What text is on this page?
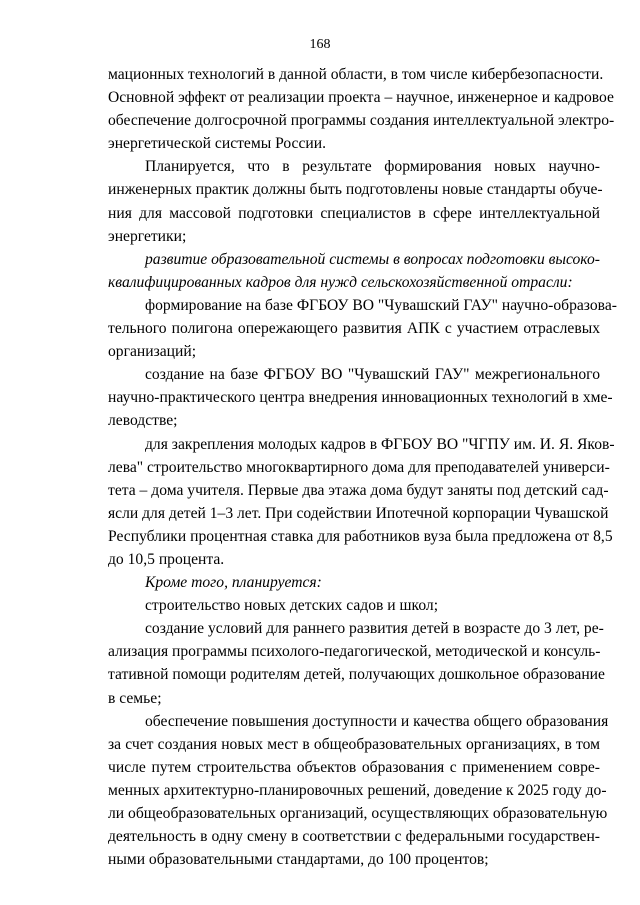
168
мационных технологий в данной области, в том числе кибербезопасности.
Основной эффект от реализации проекта – научное, инженерное и кадровое
обеспечение долгосрочной программы создания интеллектуальной электро-
энергетической системы России.
Планируется, что в результате формирования новых научно-
инженерных практик должны быть подготовлены новые стандарты обуче-
ния для массовой подготовки специалистов в сфере интеллектуальной
энергетики;
развитие образовательной системы в вопросах подготовки высоко-
квалифицированных кадров для нужд сельскохозяйственной отрасли:
формирование на базе ФГБОУ ВО "Чувашский ГАУ" научно-образова-
тельного полигона опережающего развития АПК с участием отраслевых
организаций;
создание на базе ФГБОУ ВО "Чувашский ГАУ" межрегионального
научно-практического центра внедрения инновационных технологий в хме-
леводстве;
для закрепления молодых кадров в ФГБОУ ВО "ЧГПУ им. И. Я. Яков-
лева" строительство многоквартирного дома для преподавателей универси-
тета – дома учителя. Первые два этажа дома будут заняты под детский сад-
ясли для детей 1–3 лет. При содействии Ипотечной корпорации Чувашской
Республики процентная ставка для работников вуза была предложена от 8,5
до 10,5 процента.
Кроме того, планируется:
строительство новых детских садов и школ;
создание условий для раннего развития детей в возрасте до 3 лет, ре-
ализация программы психолого-педагогической, методической и консуль-
тативной помощи родителям детей, получающих дошкольное образование
в семье;
обеспечение повышения доступности и качества общего образования
за счет создания новых мест в общеобразовательных организациях, в том
числе путем строительства объектов образования с применением совре-
менных архитектурно-планировочных решений, доведение к 2025 году до-
ли общеобразовательных организаций, осуществляющих образовательную
деятельность в одну смену в соответствии с федеральными государствен-
ными образовательными стандартами, до 100 процентов;
